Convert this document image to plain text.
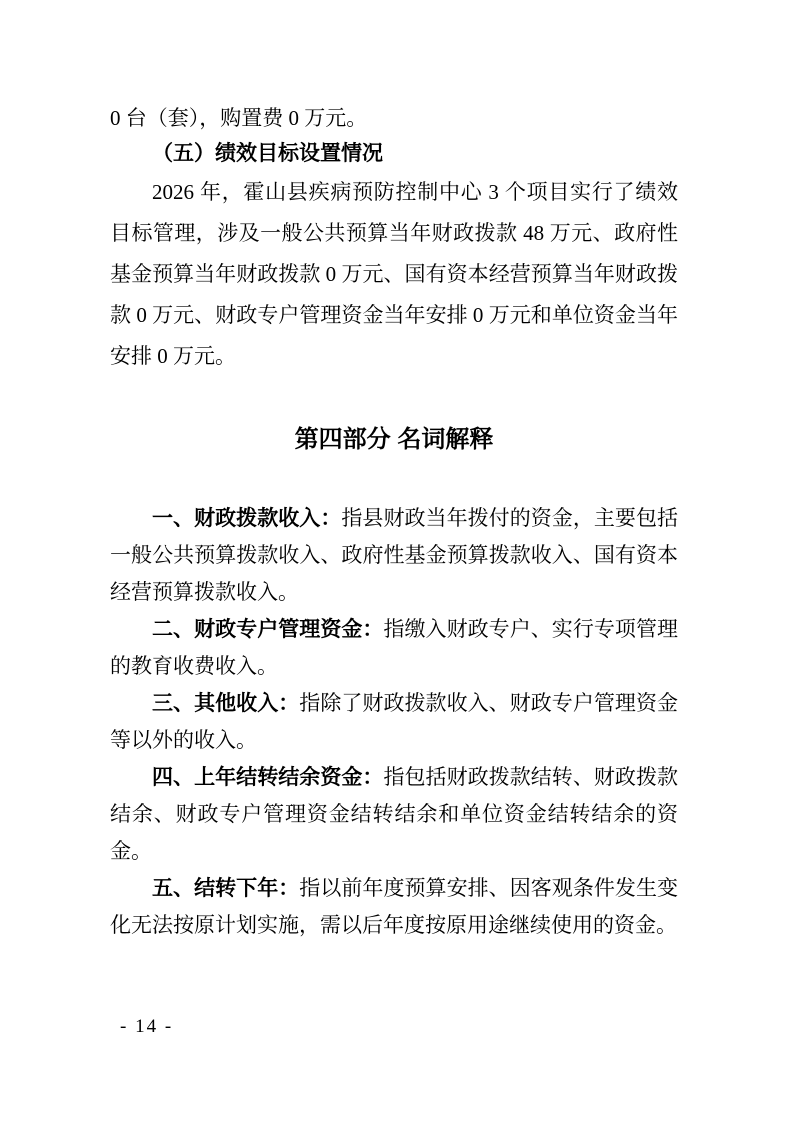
0 台（套），购置费 0 万元。

（五）绩效目标设置情况

2026 年，霍山县疾病预防控制中心 3 个项目实行了绩效目标管理，涉及一般公共预算当年财政拨款 48 万元、政府性基金预算当年财政拨款 0 万元、国有资本经营预算当年财政拨款 0 万元、财政专户管理资金当年安排 0 万元和单位资金当年安排 0 万元。

第四部分 名词解释

一、财政拨款收入：指县财政当年拨付的资金，主要包括一般公共预算拨款收入、政府性基金预算拨款收入、国有资本经营预算拨款收入。

二、财政专户管理资金：指缴入财政专户、实行专项管理的教育收费收入。

三、其他收入：指除了财政拨款收入、财政专户管理资金等以外的收入。

四、上年结转结余资金：指包括财政拨款结转、财政拨款结余、财政专户管理资金结转结余和单位资金结转结余的资金。

五、结转下年：指以前年度预算安排、因客观条件发生变化无法按原计划实施，需以后年度按原用途继续使用的资金。

- 14 -
